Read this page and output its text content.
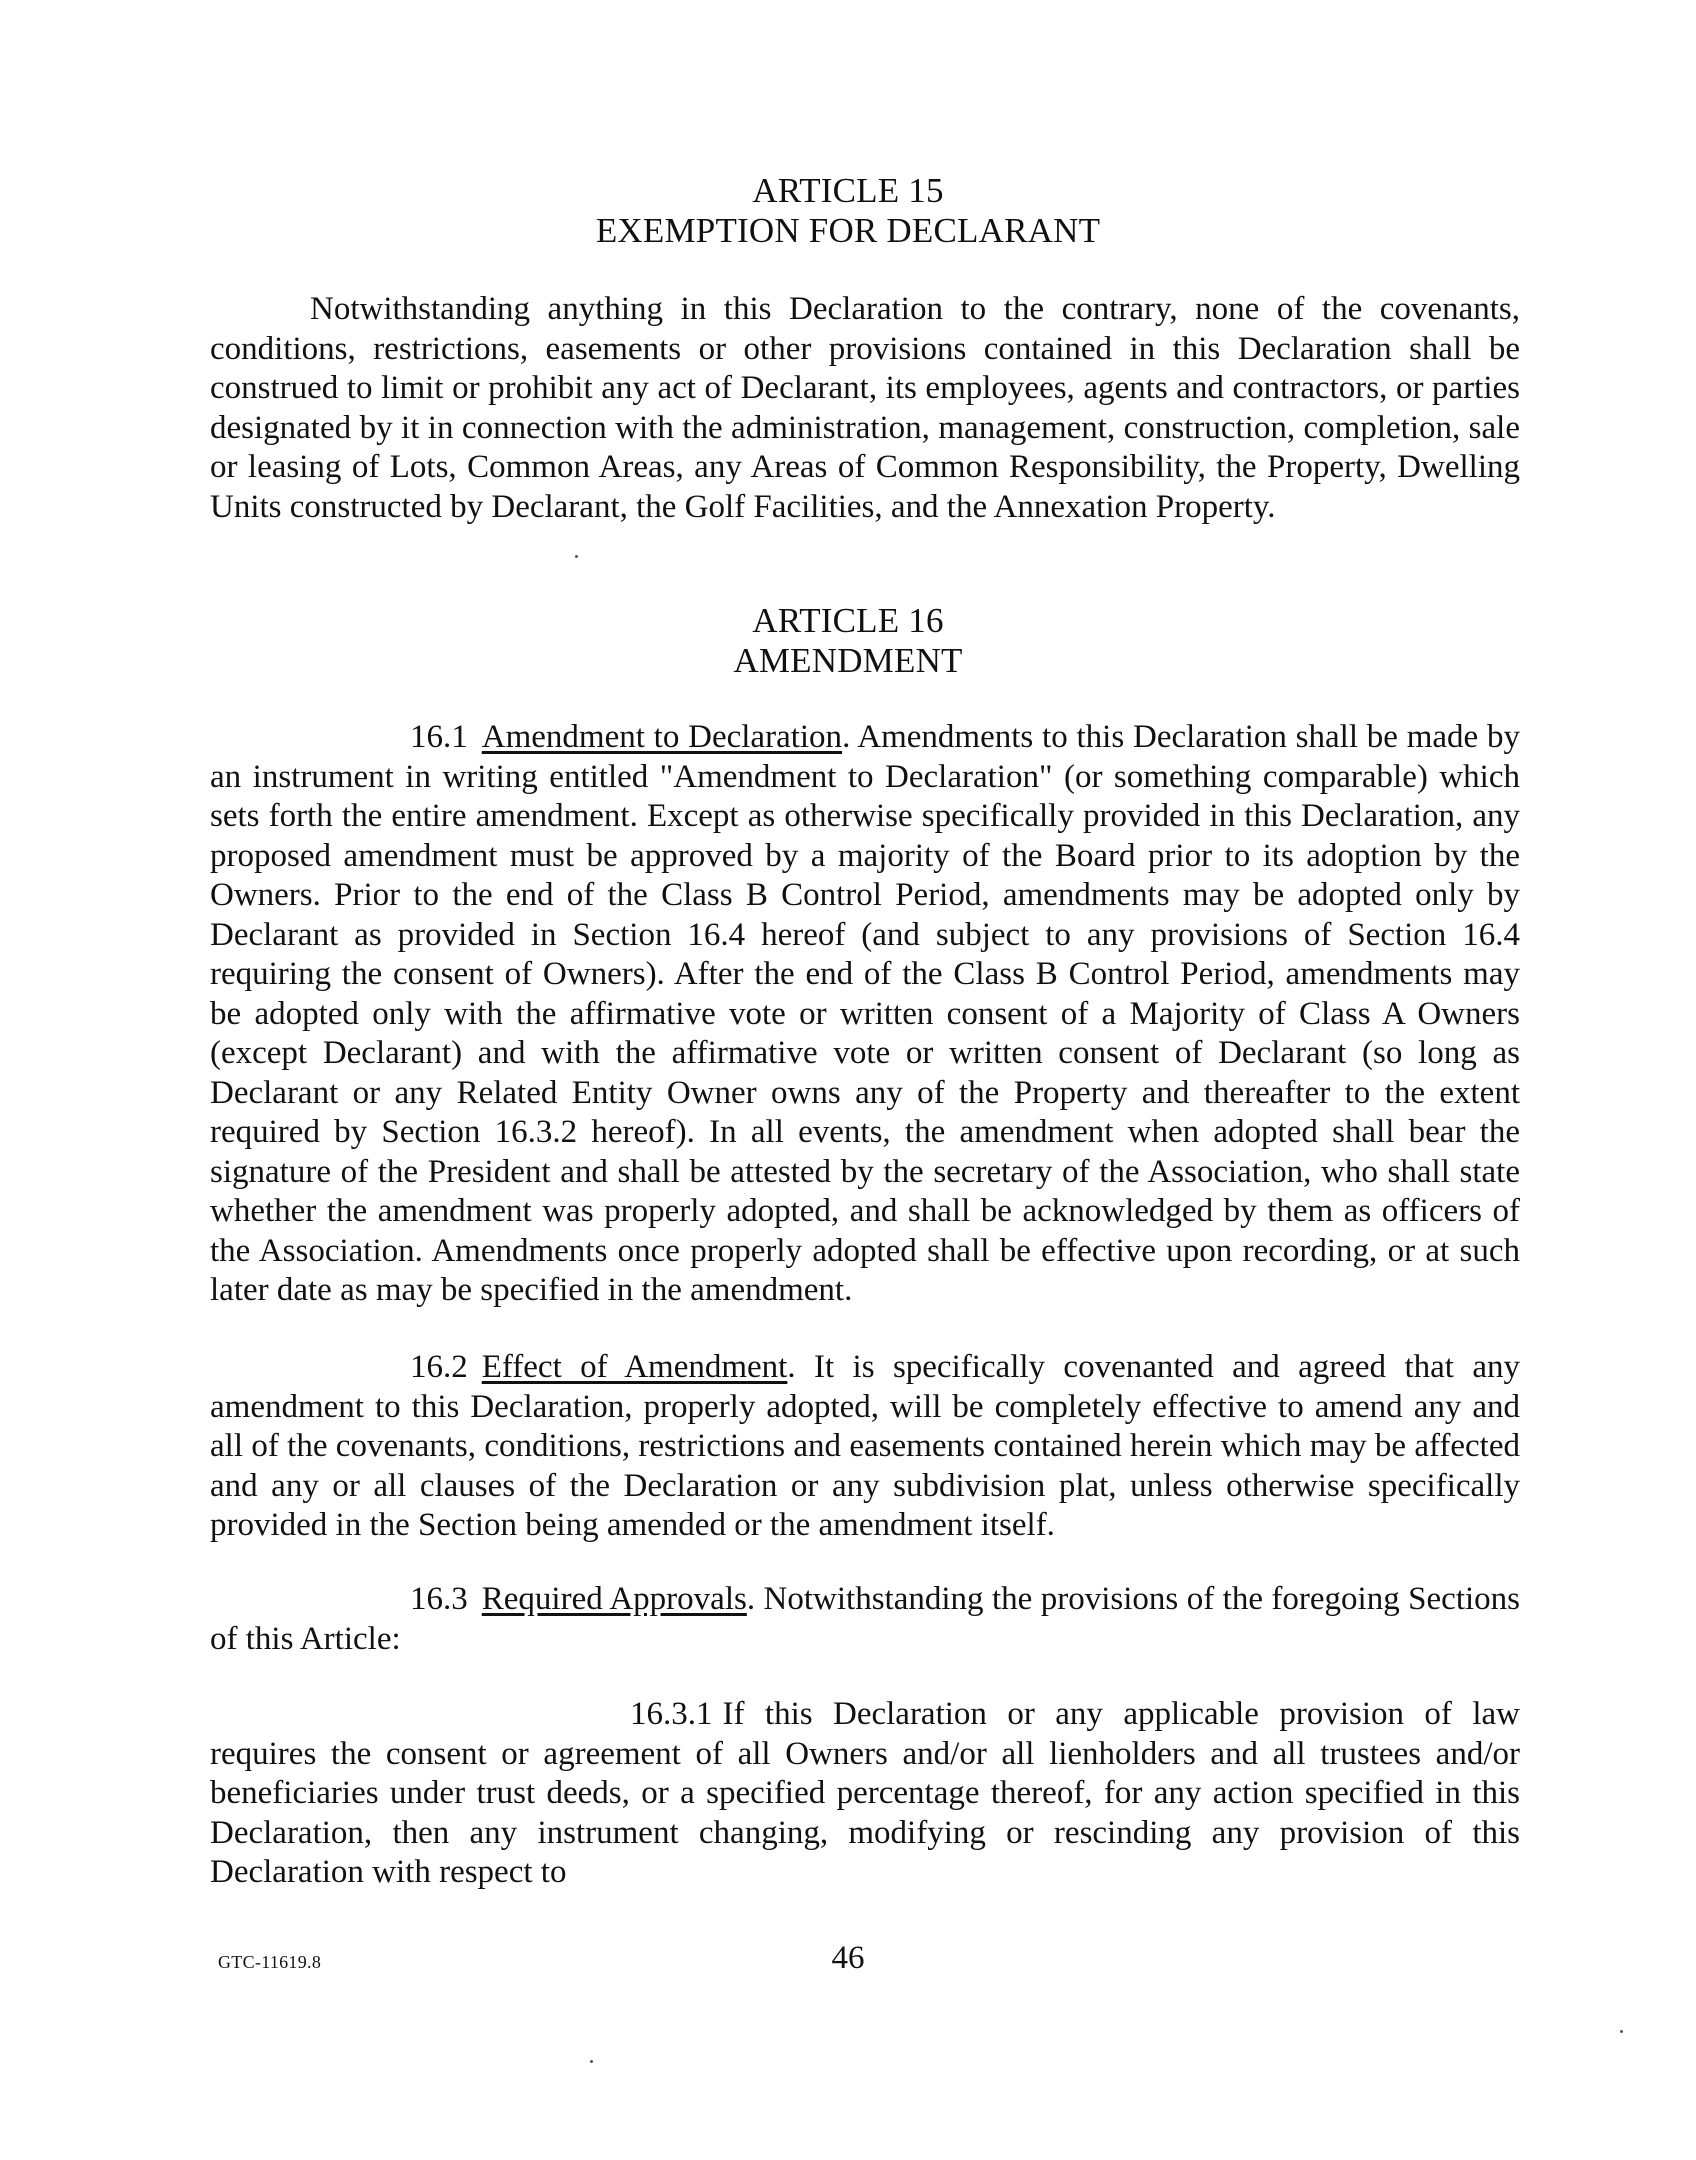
ARTICLE 15
EXEMPTION FOR DECLARANT
Notwithstanding anything in this Declaration to the contrary, none of the covenants, conditions, restrictions, easements or other provisions contained in this Declaration shall be construed to limit or prohibit any act of Declarant, its employees, agents and contractors, or parties designated by it in connection with the administration, management, construction, completion, sale or leasing of Lots, Common Areas, any Areas of Common Responsibility, the Property, Dwelling Units constructed by Declarant, the Golf Facilities, and the Annexation Property.
ARTICLE 16
AMENDMENT
16.1 Amendment to Declaration. Amendments to this Declaration shall be made by an instrument in writing entitled "Amendment to Declaration" (or something comparable) which sets forth the entire amendment. Except as otherwise specifically provided in this Declaration, any proposed amendment must be approved by a majority of the Board prior to its adoption by the Owners. Prior to the end of the Class B Control Period, amendments may be adopted only by Declarant as provided in Section 16.4 hereof (and subject to any provisions of Section 16.4 requiring the consent of Owners). After the end of the Class B Control Period, amendments may be adopted only with the affirmative vote or written consent of a Majority of Class A Owners (except Declarant) and with the affirmative vote or written consent of Declarant (so long as Declarant or any Related Entity Owner owns any of the Property and thereafter to the extent required by Section 16.3.2 hereof). In all events, the amendment when adopted shall bear the signature of the President and shall be attested by the secretary of the Association, who shall state whether the amendment was properly adopted, and shall be acknowledged by them as officers of the Association. Amendments once properly adopted shall be effective upon recording, or at such later date as may be specified in the amendment.
16.2 Effect of Amendment. It is specifically covenanted and agreed that any amendment to this Declaration, properly adopted, will be completely effective to amend any and all of the covenants, conditions, restrictions and easements contained herein which may be affected and any or all clauses of the Declaration or any subdivision plat, unless otherwise specifically provided in the Section being amended or the amendment itself.
16.3 Required Approvals. Notwithstanding the provisions of the foregoing Sections of this Article:
16.3.1 If this Declaration or any applicable provision of law requires the consent or agreement of all Owners and/or all lienholders and all trustees and/or beneficiaries under trust deeds, or a specified percentage thereof, for any action specified in this Declaration, then any instrument changing, modifying or rescinding any provision of this Declaration with respect to
GTC-11619.8	46
